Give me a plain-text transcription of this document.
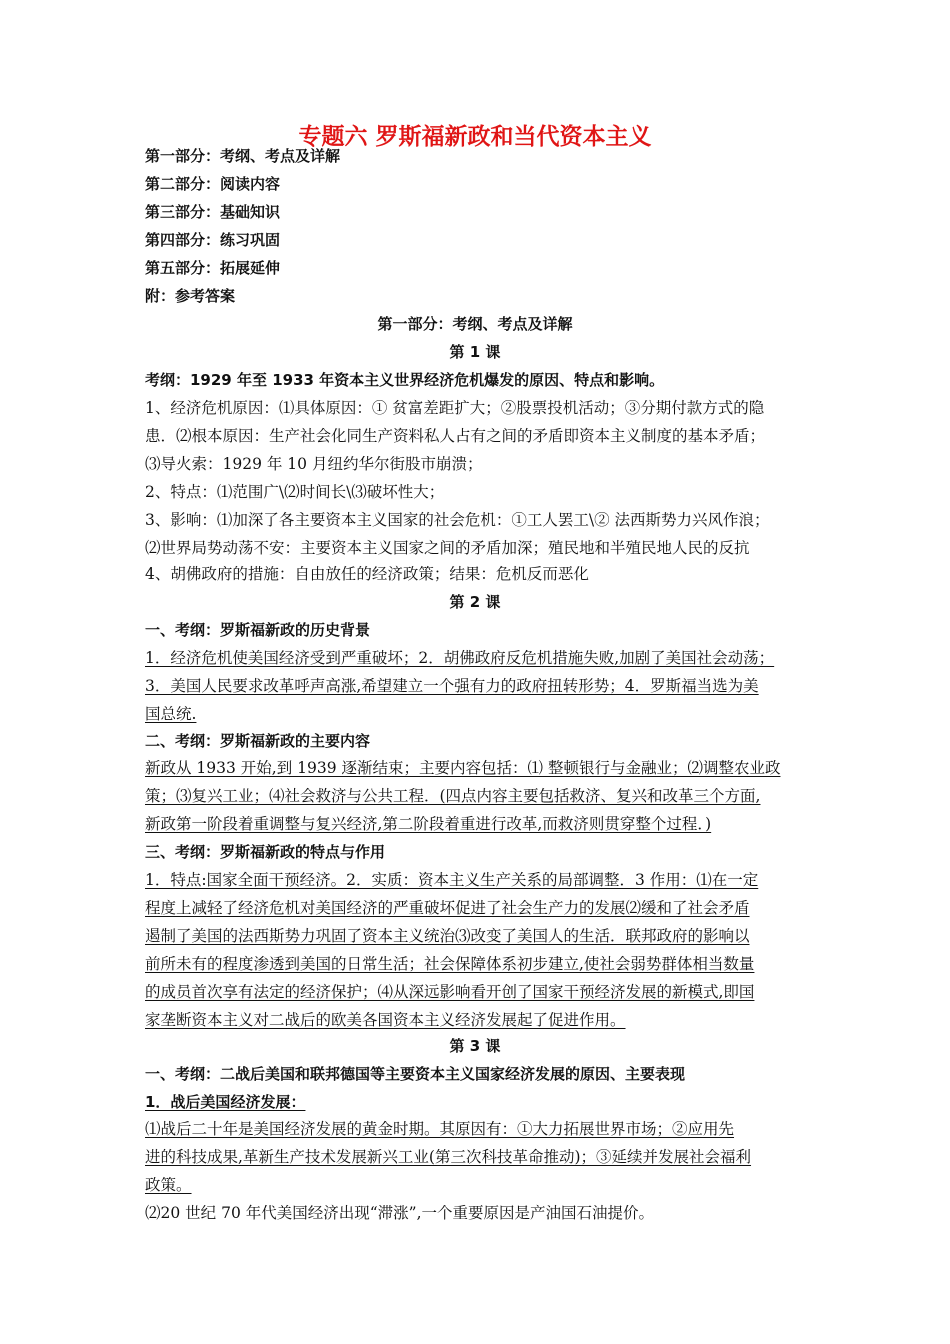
专题六 罗斯福新政和当代资本主义
第一部分：考纲、考点及详解
第二部分：阅读内容
第三部分：基础知识
第四部分：练习巩固
第五部分：拓展延伸
附：参考答案
第一部分：考纲、考点及详解
第 1 课
考纲：1929 年至 1933 年资本主义世界经济危机爆发的原因、特点和影响。
1、经济危机原因：⑴具体原因：① 贫富差距扩大；②股票投机活动；③分期付款方式的隐
患．⑵根本原因：生产社会化同生产资料私人占有之间的矛盾即资本主义制度的基本矛盾；
⑶导火索：1929 年 10 月纽约华尔街股市崩溃；
2、特点：⑴范围广\⑵时间长\⑶破坏性大；
3、影响：⑴加深了各主要资本主义国家的社会危机：①工人罢工\② 法西斯势力兴风作浪；
⑵世界局势动荡不安：主要资本主义国家之间的矛盾加深；殖民地和半殖民地人民的反抗
4、胡佛政府的措施：自由放任的经济政策；结果：危机反而恶化
第 2 课
一、考纲：罗斯福新政的历史背景
1．经济危机使美国经济受到严重破坏；2．胡佛政府反危机措施失败,加剧了美国社会动荡；
3．美国人民要求改革呼声高涨,希望建立一个强有力的政府扭转形势；4．罗斯福当选为美
国总统.
二、考纲：罗斯福新政的主要内容
新政从 1933 开始,到 1939 逐渐结束；主要内容包括：⑴ 整顿银行与金融业；⑵调整农业政
策；⑶复兴工业；⑷社会救济与公共工程．(四点内容主要包括救济、复兴和改革三个方面,
新政第一阶段着重调整与复兴经济,第二阶段着重进行改革,而救济则贯穿整个过程．)
三、考纲：罗斯福新政的特点与作用
1．特点:国家全面干预经济。2．实质：资本主义生产关系的局部调整．3 作用：⑴在一定
程度上减轻了经济危机对美国经济的严重破坏促进了社会生产力的发展⑵缓和了社会矛盾
遏制了美国的法西斯势力巩固了资本主义统治⑶改变了美国人的生活．联邦政府的影响以
前所未有的程度渗透到美国的日常生活；社会保障体系初步建立,使社会弱势群体相当数量
的成员首次享有法定的经济保护；⑷从深远影响看开创了国家干预经济发展的新模式,即国
家垄断资本主义对二战后的欧美各国资本主义经济发展起了促进作用。
第 3 课
一、考纲：二战后美国和联邦德国等主要资本主义国家经济发展的原因、主要表现
1．战后美国经济发展：
⑴战后二十年是美国经济发展的黄金时期。其原因有：①大力拓展世界市场；②应用先
进的科技成果,革新生产技术发展新兴工业(第三次科技革命推动)；③延续并发展社会福利
政策。
⑵20 世纪 70 年代美国经济出现“滞涨”,一个重要原因是产油国石油提价。
